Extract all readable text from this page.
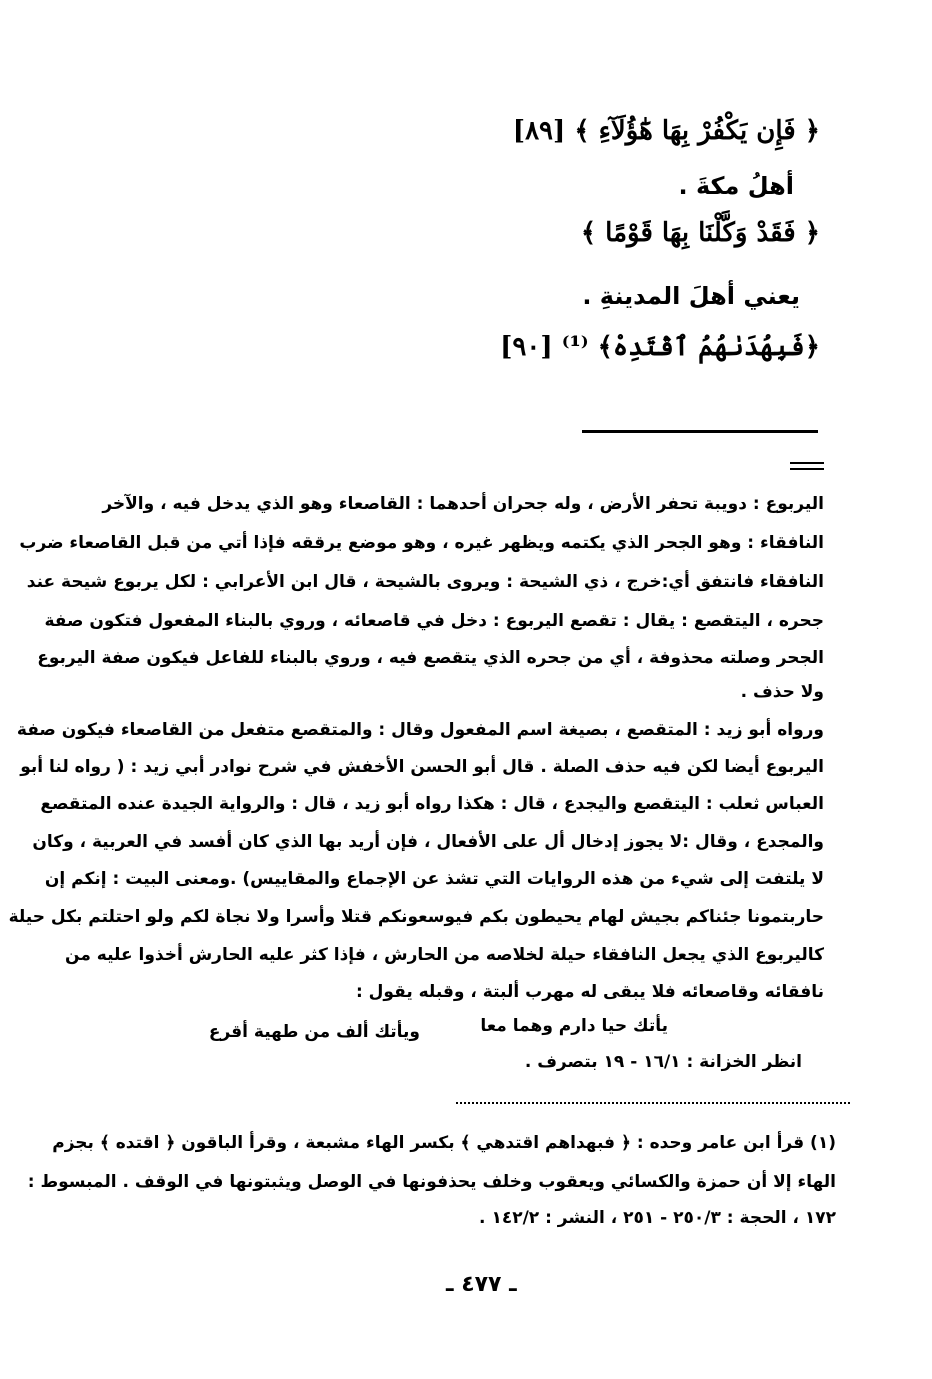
﴿ فَإِن يَكْفُرْ بِهَا هَٰٓؤُلَآءِ ﴾ [٨٩]
أهلُ مكةَ .
﴿ فَقَدْ وَكَّلْنَا بِهَا قَوْمًا ﴾
يعني أهلَ المدينةِ .
﴿فَبِهُدَىٰهُمُ ٱقْتَدِهْ﴾ ⁽¹⁾ [٩٠]
اليربوع : دويبة تحفر الأرض ، وله جحران أحدهما : القاصعاء وهو الذي يدخل فيه ، والآخر
النافقاء : وهو الجحر الذي يكتمه ويظهر غيره ، وهو موضع يرققه فإذا أتي من قبل القاصعاء ضرب
النافقاء فانتفق أي:خرج ، ذي الشيحة : ويروى بالشيحة ، قال ابن الأعرابي : لكل يربوع شيحة عند
جحره ، اليتقصع : يقال : تقصع اليربوع : دخل في قاصعائه ، وروي بالبناء المفعول فتكون صفة
الجحر وصلته محذوفة ، أي من جحره الذي يتقصع فيه ، وروي بالبناء للفاعل فيكون صفة اليربوع
ولا حذف .
ورواه أبو زيد : المتقصع ، بصيغة اسم المفعول وقال : والمتقصع متفعل من القاصعاء فيكون صفة
اليربوع أيضا لكن فيه حذف الصلة . قال أبو الحسن الأخفش في شرح نوادر أبي زيد : ( رواه لنا أبو
العباس ثعلب : اليتقصع واليجدع ، قال : هكذا رواه أبو زيد ، قال : والرواية الجيدة عنده المتقصع
والمجدع ، وقال :لا يجوز إدخال أل على الأفعال ، فإن أريد بها الذي كان أفسد في العربية ، وكان
لا يلتفت إلى شيء من هذه الروايات التي تشذ عن الإجماع والمقاييس) .ومعنى البيت : إنكم إن
حاربتمونا جئناكم بجيش لهام يحيطون بكم فيوسعونكم قتلا وأسرا ولا نجاة لكم ولو احتلتم بكل حيلة
كاليربوع الذي يجعل النافقاء حيلة لخلاصه من الحارش ، فإذا كثر عليه الحارش أخذوا عليه من
نافقائه وقاصعائه فلا يبقى له مهرب ألبتة ، وقبله يقول :
يأتك حيا دارم وهما معا
ويأتك ألف من طهية أقرع
انظر الخزانة : ١٦/١ - ١٩ بتصرف .
(١) قرأ ابن عامر وحده : ﴿ فبهداهم اقتدهي ﴾ بكسر الهاء مشبعة ، وقرأ الباقون ﴿ اقتده ﴾ بجزم
الهاء إلا أن حمزة والكسائي ويعقوب وخلف يحذفونها في الوصل ويثبتونها في الوقف . المبسوط :
١٧٢ ، الحجة : ٢٥٠/٣ - ٢٥١ ، النشر : ١٤٢/٢ .
ـ ٤٧٧ ـ
